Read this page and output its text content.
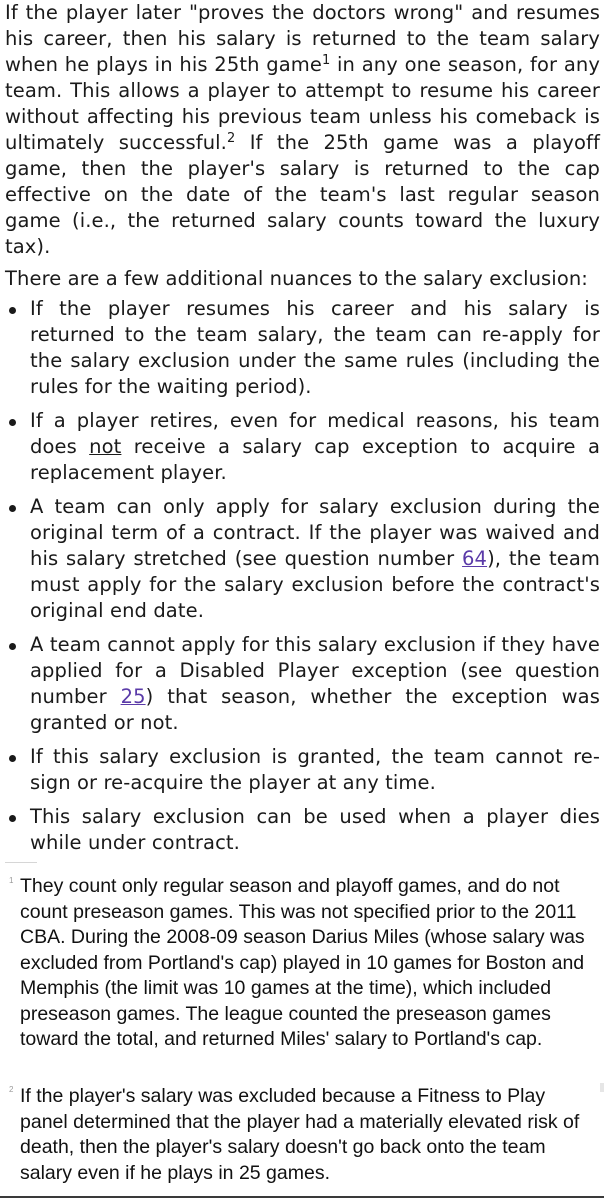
If the player later "proves the doctors wrong" and resumes his career, then his salary is returned to the team salary when he plays in his 25th game$^1$ in any one season, for any team. This allows a player to attempt to resume his career without affecting his previous team unless his comeback is ultimately successful.$^2$ If the 25th game was a playoff game, then the player's salary is returned to the cap effective on the date of the team's last regular season game (i.e., the returned salary counts toward the luxury tax).

There are a few additional nuances to the salary exclusion:

If the player resumes his career and his salary is returned to the team salary, the team can re-apply for the salary exclusion under the same rules (including the rules for the waiting period).
If a player retires, even for medical reasons, his team does not receive a salary cap exception to acquire a replacement player.
A team can only apply for salary exclusion during the original term of a contract. If the player was waived and his salary stretched (see question number 64), the team must apply for the salary exclusion before the contract's original end date.
A team cannot apply for this salary exclusion if they have applied for a Disabled Player exception (see question number 25) that season, whether the exception was granted or not.
If this salary exclusion is granted, the team cannot re-sign or re-acquire the player at any time.
This salary exclusion can be used when a player dies while under contract.
1 They count only regular season and playoff games, and do not count preseason games. This was not specified prior to the 2011 CBA. During the 2008-09 season Darius Miles (whose salary was excluded from Portland's cap) played in 10 games for Boston and Memphis (the limit was 10 games at the time), which included preseason games. The league counted the preseason games toward the total, and returned Miles' salary to Portland's cap.
2 If the player's salary was excluded because a Fitness to Play panel determined that the player had a materially elevated risk of death, then the player's salary doesn't go back onto the team salary even if he plays in 25 games.
